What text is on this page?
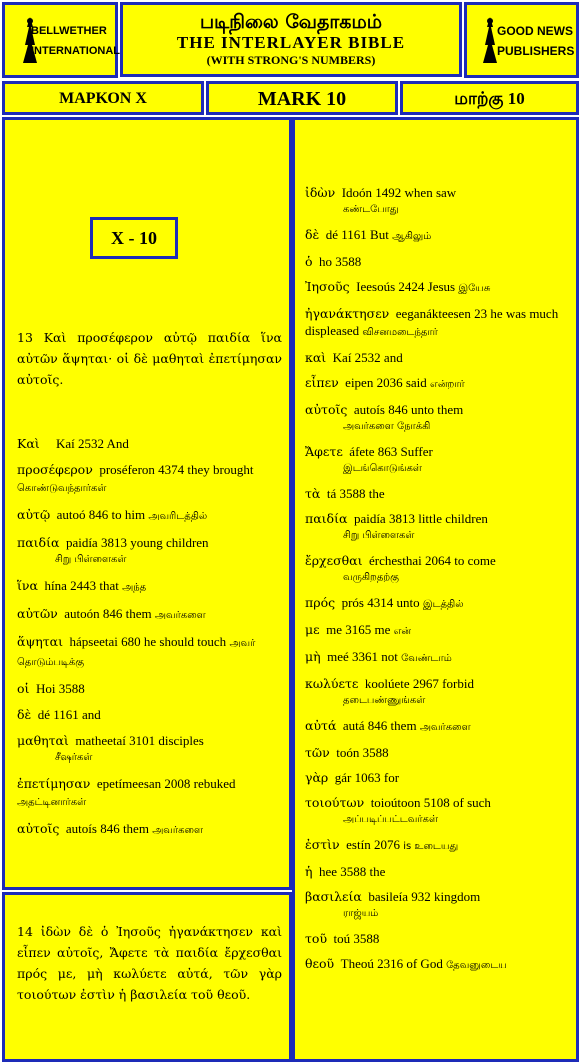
BELLWETHER
INTERNATIONAL
படிநிலை வேதாகமம்
THE INTERLAYER BIBLE
(WITH STRONG'S NUMBERS)
GOOD NEWS
PUBLISHERS
ΜΑΡΚΟΝ Χ	MARK 10	மாற்கு 10
X - 10
13 Καὶ προσέφερον αὐτῷ παιδία ἵνα αὐτῶν ἅψηται· οἱ δὲ μαθηταὶ ἐπετίμησαν αὐτοῖς.

Καὶ Kaí 2532 And

προσέφερον proséferon 4374 they brought கொண்டுவந்தார்கள்

αὐτῷ autoó 846 to him அவரிடத்தில்

παιδία paidía 3813 young children
சிறு பிள்ளைகள்

ἵνα hína 2443 that அந்த

αὐτῶν autoón 846 them அவர்களை

ἅψηται hápseetai 680 he should touch அவர் தொடும்படிக்கு

οἱ Hoi 3588

δὲ dé 1161 and

μαθηταὶ matheetaí 3101 disciples
சீஷர்கள்

ἐπετίμησαν epetímeesan 2008 rebuked அதட்டினார்கள்

αὐτοῖς autoís 846 them அவர்களை

14 ἰδὼν δὲ ὁ Ἰησοῦς ἠγανάκτησεν καὶ εἶπεν αὐτοῖς, Ἄφετε τὰ παιδία ἔρχεσθαι πρός με, μὴ κωλύετε αὐτά, τῶν γὰρ τοιούτων ἐστὶν ἡ βασιλεία τοῦ θεοῦ.

ἰδὼν Idoón 1492 when saw
கண்டபோது

δὲ dé 1161 But ஆகிலும்

ὁ ho 3588

Ἰησοῦς Ieesoús 2424 Jesus இயேசு

ἠγανάκτησεν eeganákteesen 23 he was much displeased விசனமடைந்தார்

καὶ Kaí 2532 and

εἶπεν eipen 2036 said என்றார்

αὐτοῖς autoís 846 unto them
அவர்களை நோக்கி

Ἄφετε áfete 863 Suffer
இடங்கொடுங்கள்

τὰ tá 3588 the

παιδία paidía 3813 little children
சிறு பிள்ளைகள்

ἔρχεσθαι érchesthai 2064 to come
வருகிறதற்கு

πρός prós 4314 unto இடத்தில்

με me 3165 me என்

μὴ meé 3361 not வேண்டாம்

κωλύετε koolúete 2967 forbid
தடைபண்ணுங்கள்

αὐτά autá 846 them அவர்களை

τῶν toón 3588

γὰρ gár 1063 for

τοιούτων toioútoon 5108 of such
அப்படிப்பட்டவர்கள்

ἐστὶν estín 2076 is உடையது

ἡ hee 3588 the

βασιλεία basileía 932 kingdom
ராஜ்யம்

τοῦ toú 3588

θεοῦ Theoú 2316 of God தேவனுடைய
